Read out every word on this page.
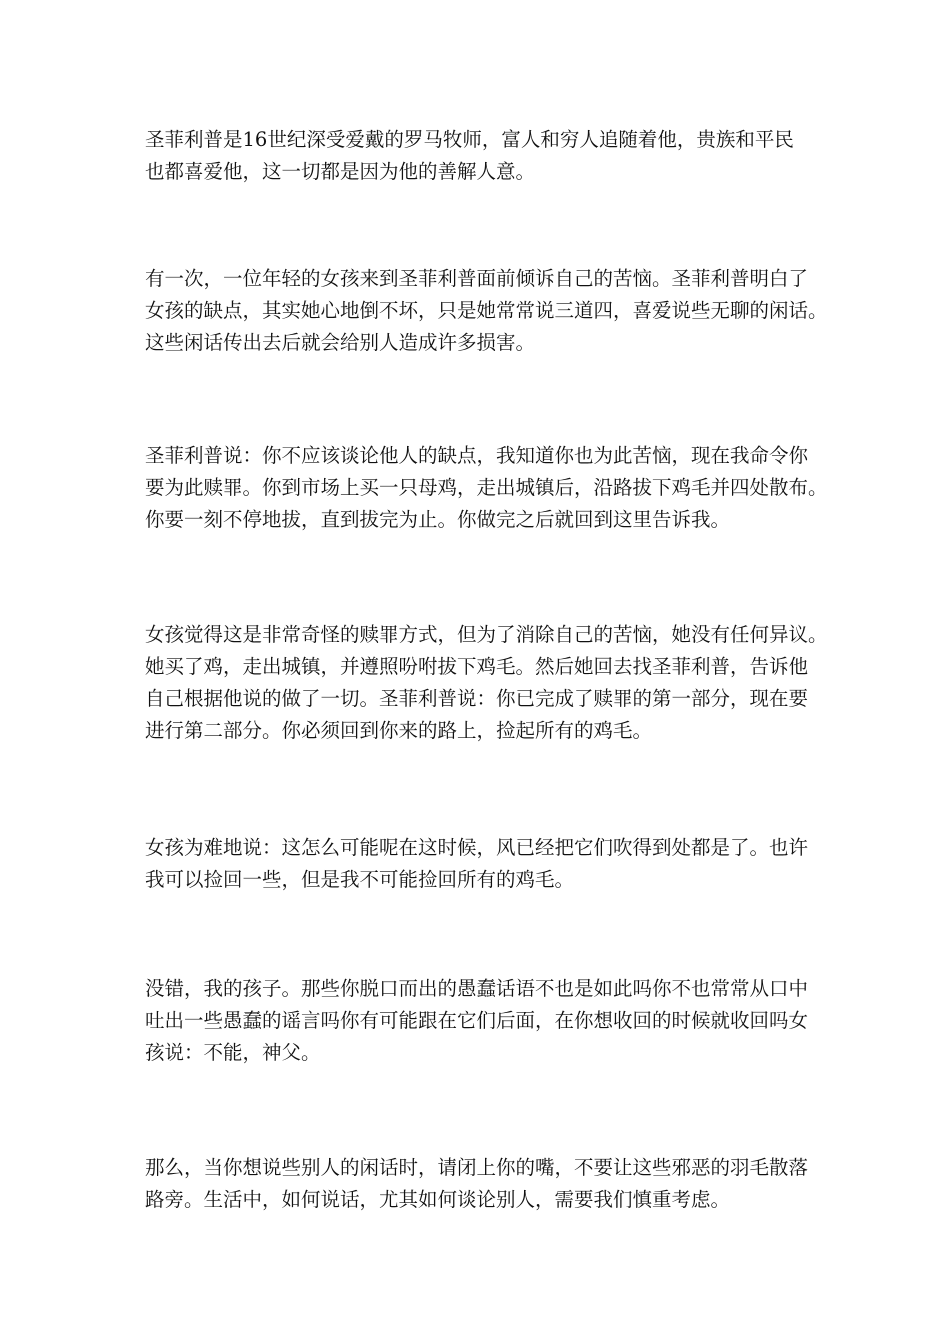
圣菲利普是16世纪深受爱戴的罗马牧师，富人和穷人追随着他，贵族和平民
也都喜爱他，这一切都是因为他的善解人意。

有一次，一位年轻的女孩来到圣菲利普面前倾诉自己的苦恼。圣菲利普明白了
女孩的缺点，其实她心地倒不坏，只是她常常说三道四，喜爱说些无聊的闲话。
这些闲话传出去后就会给别人造成许多损害。

圣菲利普说：你不应该谈论他人的缺点，我知道你也为此苦恼，现在我命令你
要为此赎罪。你到市场上买一只母鸡，走出城镇后，沿路拔下鸡毛并四处散布。
你要一刻不停地拔，直到拔完为止。你做完之后就回到这里告诉我。

女孩觉得这是非常奇怪的赎罪方式，但为了消除自己的苦恼，她没有任何异议。
她买了鸡，走出城镇，并遵照吩咐拔下鸡毛。然后她回去找圣菲利普，告诉他
自己根据他说的做了一切。圣菲利普说：你已完成了赎罪的第一部分，现在要
进行第二部分。你必须回到你来的路上，捡起所有的鸡毛。

女孩为难地说：这怎么可能呢在这时候，风已经把它们吹得到处都是了。也许
我可以捡回一些，但是我不可能捡回所有的鸡毛。

没错，我的孩子。那些你脱口而出的愚蠢话语不也是如此吗你不也常常从口中
吐出一些愚蠢的谣言吗你有可能跟在它们后面，在你想收回的时候就收回吗女
孩说：不能，神父。

那么，当你想说些别人的闲话时，请闭上你的嘴，不要让这些邪恶的羽毛散落
路旁。生活中，如何说话，尤其如何谈论别人，需要我们慎重考虑。
